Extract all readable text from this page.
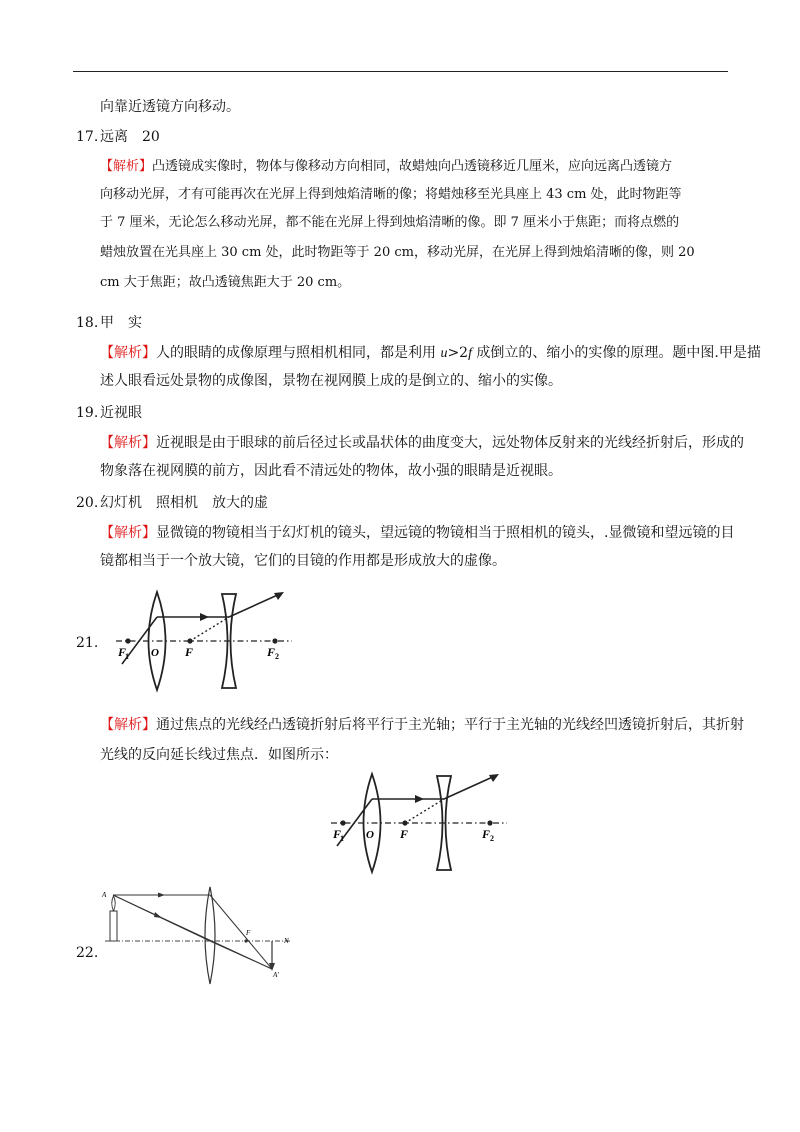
向靠近透镜方向移动。
17. 远离　20
【解析】凸透镜成实像时，物体与像移动方向相同，故蜡烛向凸透镜移近几厘米，应向远离凸透镜方
向移动光屏，才有可能再次在光屏上得到烛焰清晰的像；将蜡烛移至光具座上 43 cm 处，此时物距等
于 7 厘米，无论怎么移动光屏，都不能在光屏上得到烛焰清晰的像。即 7 厘米小于焦距；而将点燃的
蜡烛放置在光具座上 30 cm 处，此时物距等于 20 cm，移动光屏，在光屏上得到烛焰清晰的像，则 20
cm 大于焦距；故凸透镜焦距大于 20 cm。
18. 甲　实
【解析】人的眼睛的成像原理与照相机相同，都是利用 u>2f 成倒立的、缩小的实像的原理。题中图.甲是描
述人眼看远处景物的成像图，景物在视网膜上成的是倒立的、缩小的实像。
19. 近视眼
【解析】近视眼是由于眼球的前后径过长或晶状体的曲度变大，远处物体反射来的光线经折射后，形成的
物象落在视网膜的前方，因此看不清远处的物体，故小强的眼睛是近视眼。
20. 幻灯机　照相机　放大的虚
【解析】显微镜的物镜相当于幻灯机的镜头，望远镜的物镜相当于照相机的镜头，.显微镜和望远镜的目
镜都相当于一个放大镜，它们的目镜的作用都是形成放大的虚像。
21.
F
1 O F	F 2
【解析】通过焦点的光线经凸透镜折射后将平行于主光轴；平行于主光轴的光线经凹透镜折射后，其折射
光线的反向延长线过焦点．如图所示：
F
1 O F	F 2
22.
A
F
N
A'
